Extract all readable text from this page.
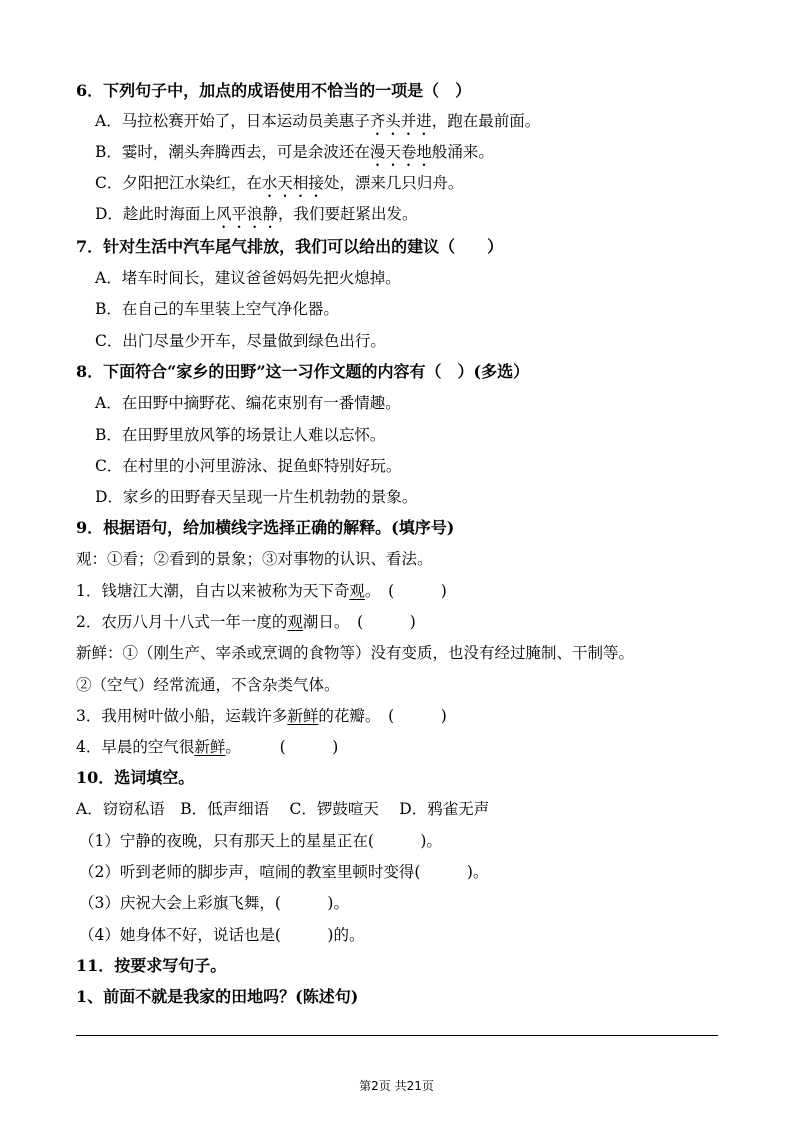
6．下列句子中，加点的成语使用不恰当的一项是（　）
A．马拉松赛开始了，日本运动员美惠子齐头并进，跑在最前面。
B．霎时，潮头奔腾西去，可是余波还在漫天卷地般涌来。
C．夕阳把江水染红，在水天相接处，漂来几只归舟。
D．趁此时海面上风平浪静，我们要赶紧出发。
7．针对生活中汽车尾气排放，我们可以给出的建议（　　）
A．堵车时间长，建议爸爸妈妈先把火熄掉。
B．在自己的车里装上空气净化器。
C．出门尽量少开车，尽量做到绿色出行。
8．下面符合“家乡的田野”这一习作文题的内容有（　）(多选）
A．在田野中摘野花、编花束别有一番情趣。
B．在田野里放风筝的场景让人难以忘怀。
C．在村里的小河里游泳、捉鱼虾特别好玩。
D．家乡的田野春天呈现一片生机勃勃的景象。
9．根据语句，给加横线字选择正确的解释。(填序号)
观：①看；②看到的景象；③对事物的认识、看法。
1．钱塘江大潮，自古以来被称为天下奇观。　(　　　)
2．农历八月十八式一年一度的观潮日。　(　　　)
新鲜：①（刚生产、宰杀或烹调的食物等）没有变质，也没有经过腌制、干制等。
②（空气）经常流通，不含杂类气体。
3．我用树叶做小船，运载许多新鲜的花瓣。　(　　　)
4．早晨的空气很新鲜。　　　(　　　)
10．选词填空。
A．窃窃私语　B．低声细语　 C．锣鼓喧天　 D．鸦雀无声
（1）宁静的夜晚，只有那天上的星星正在(　　　)。
（2）听到老师的脚步声，喧闹的教室里顿时变得(　　　)。
（3）庆祝大会上彩旗飞舞，(　　　)。
（4）她身体不好，说话也是(　　　)的。
11．按要求写句子。
1、前面不就是我家的田地吗？(陈述句)
第2页 共21页
